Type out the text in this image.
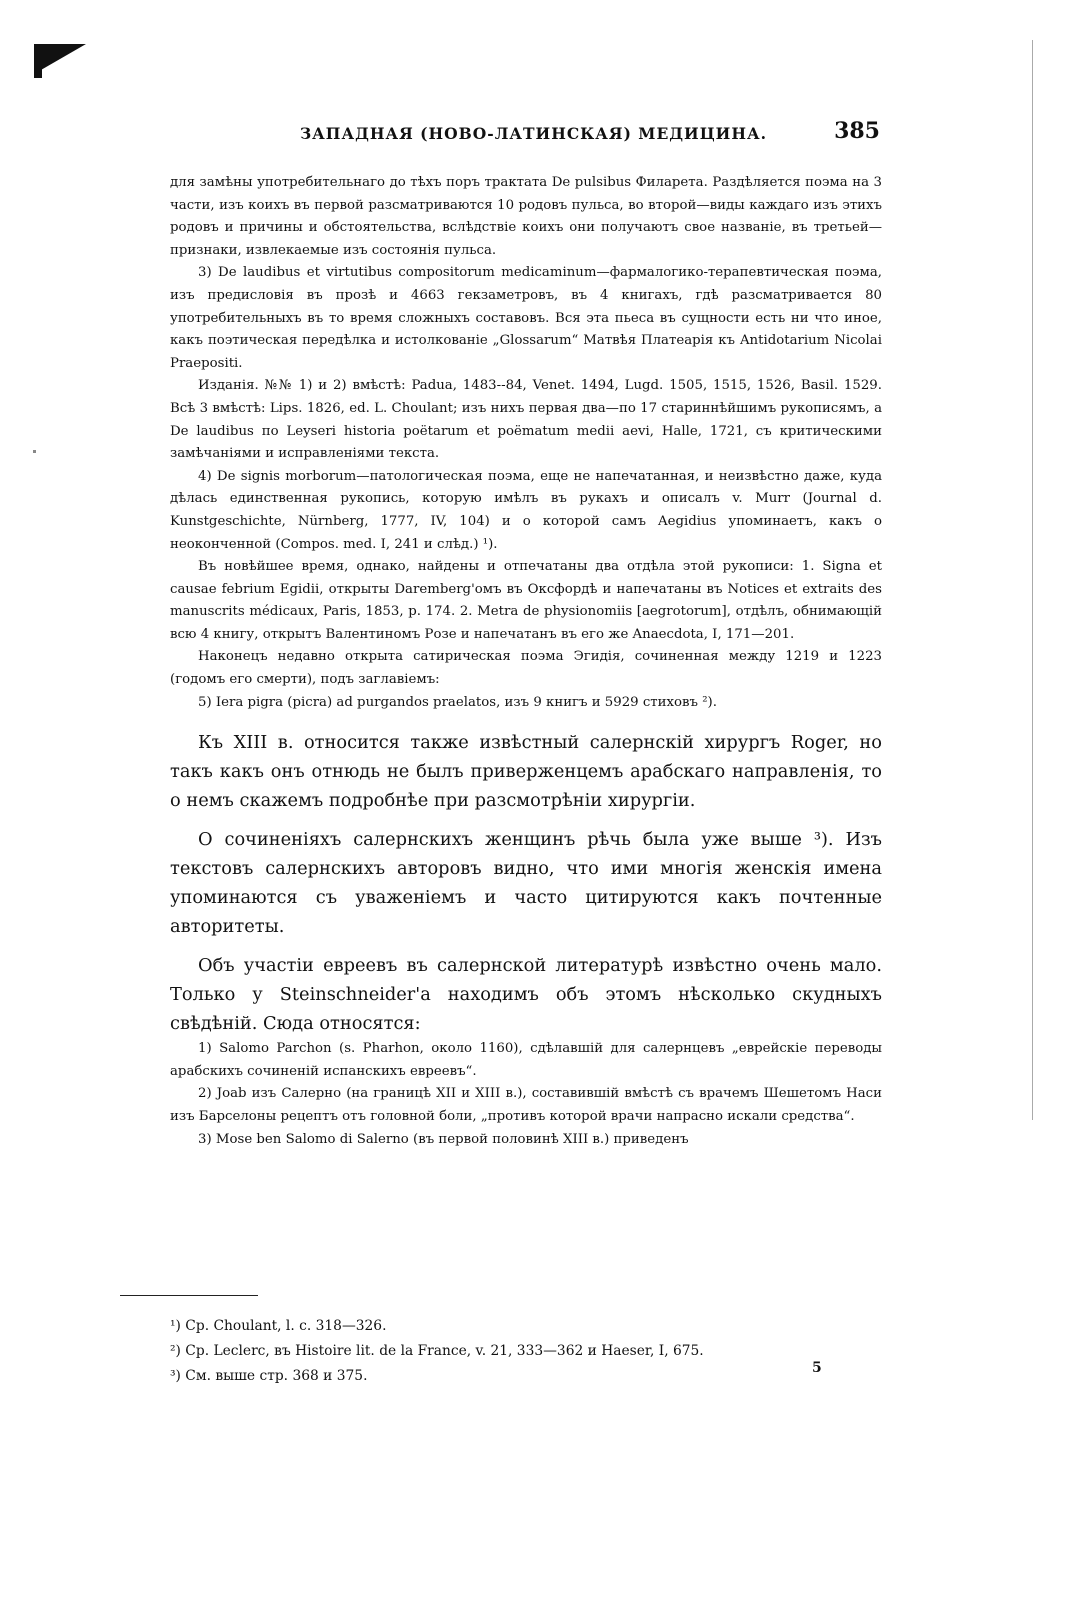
ЗАПАДНАЯ (НОВО-ЛАТИНСКАЯ) МЕДИЦИНА.	385

для замѣны употребительнаго до тѣхъ поръ трактата De pulsibus Филарета. Раздѣляется поэма на 3 части, изъ коихъ въ первой разсматриваются 10 родовъ пульса, во второй—виды каждаго изъ этихъ родовъ и причины и обстоятельства, вслѣдствіе коихъ они получаютъ свое названіе, въ третьей—признаки, извлекаемые изъ состоянія пульса.

3) De laudibus et virtutibus compositorum medicaminum—фармалогико-терапевтическая поэма, изъ предисловія въ прозѣ и 4663 гекзаметровъ, въ 4 книгахъ, гдѣ разсматривается 80 употребительныхъ въ то время сложныхъ составовъ. Вся эта пьеса въ сущности есть ни что иное, какъ поэтическая передѣлка и истолкованіе „Glossarum“ Матвѣя Платеарія къ Antidotarium Nicolai Praepositi.

Изданія. №№ 1) и 2) вмѣстѣ: Padua, 1483--84, Venet. 1494, Lugd. 1505, 1515, 1526, Basil. 1529. Всѣ 3 вмѣстѣ: Lips. 1826, ed. L. Choulant; изъ нихъ первая два—по 17 стариннѣйшимъ рукописямъ, а De laudibus по Leyseri historia poëtarum et poëmatum medii aevi, Halle, 1721, съ критическими замѣчаніями и исправленіями текста.

4) De signis morborum—патологическая поэма, еще не напечатанная, и неизвѣстно даже, куда дѣлась единственная рукопись, которую имѣлъ въ рукахъ и описалъ v. Murr (Journal d. Kunstgeschichte, Nürnberg, 1777, IV, 104) и о которой самъ Aegidius упоминаетъ, какъ о неоконченной (Compos. med. I, 241 и слѣд.) ¹).

Въ новѣйшее время, однако, найдены и отпечатаны два отдѣла этой рукописи: 1. Signa et causae febrium Egidii, открыты Daremberg'омъ въ Оксфордѣ и напечатаны въ Notices et extraits des manuscrits médicaux, Paris, 1853, p. 174. 2. Metra de physionomiis [aegrotorum], отдѣлъ, обнимающій всю 4 книгу, открытъ Валентиномъ Розе и напечатанъ въ его же Anaecdota, I, 171—201.

Наконецъ недавно открыта сатирическая поэма Эгидія, сочиненная между 1219 и 1223 (годомъ его смерти), подъ заглавіемъ:

5) Iera pigra (picra) ad purgandos praelatos, изъ 9 книгъ и 5929 стиховъ ²).

Къ XIII в. относится также извѣстный салернскій хирургъ Roger, но такъ какъ онъ отнюдь не былъ приверженцемъ арабскаго направленія, то о немъ скажемъ подробнѣе при разсмотрѣніи хирургіи.

О сочиненіяхъ салернскихъ женщинъ рѣчь была уже выше ³). Изъ текстовъ салернскихъ авторовъ видно, что ими многія женскія имена упоминаются съ уваженіемъ и часто цитируются какъ почтенные авторитеты.

Объ участіи евреевъ въ салернской литературѣ извѣстно очень мало. Только у Steinschneider'а находимъ объ этомъ нѣсколько скудныхъ свѣдѣній. Сюда относятся:

1) Salomo Parchon (s. Pharhon, около 1160), сдѣлавшій для салернцевъ „еврейскіе переводы арабскихъ сочиненій испанскихъ евреевъ“.

2) Joab изъ Салерно (на границѣ XII и XIII в.), составившій вмѣстѣ съ врачемъ Шешетомъ Наси изъ Барселоны рецептъ отъ головной боли, „противъ которой врачи напрасно искали средства“.

3) Mose ben Salomo di Salerno (въ первой половинѣ XIII в.) приведенъ

¹) Ср. Choulant, l. c. 318—326.

²) Ср. Leclerc, въ Histoire lit. de la France, v. 21, 333—362 и Haeser, I, 675.

³) См. выше стр. 368 и 375.	5
